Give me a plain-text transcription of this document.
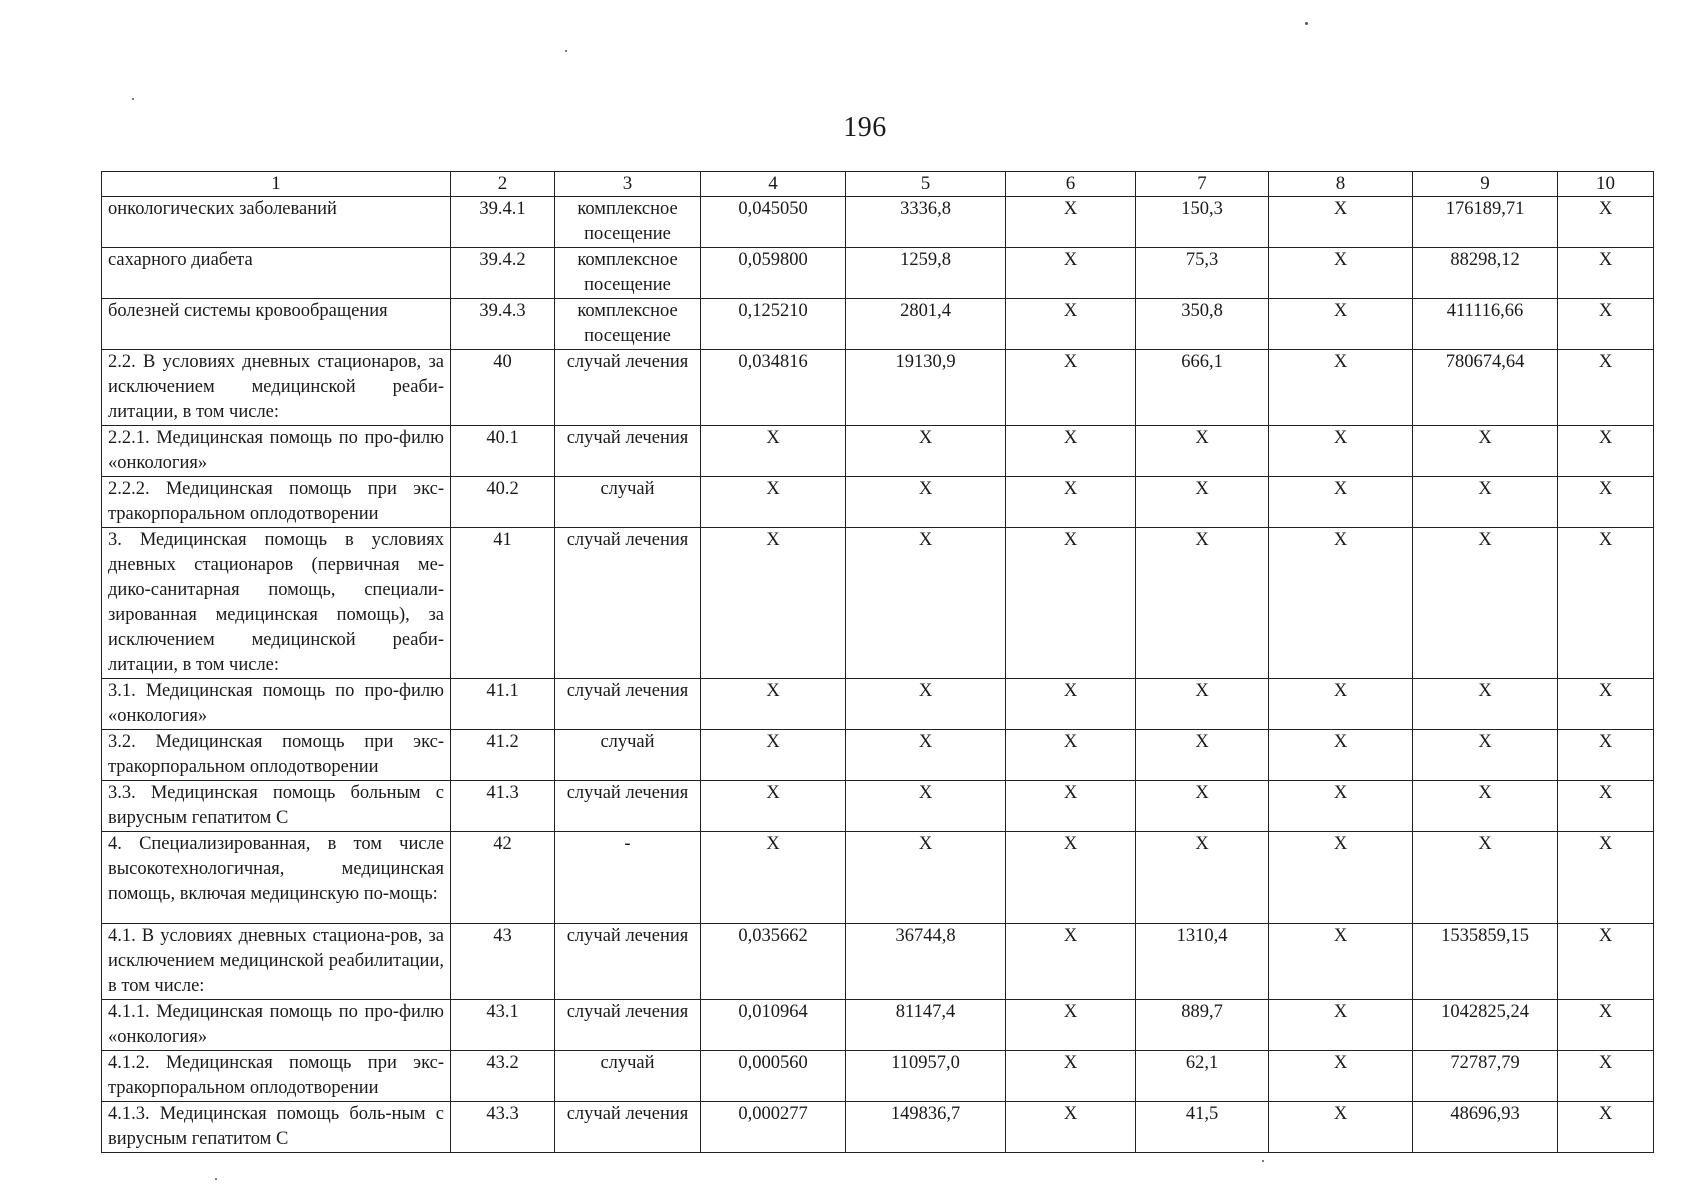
196
1	2	3	4	5	6	7	8	9	10
онкологических заболеваний	39.4.1	комплексное посещение	0,045050	3336,8	X	150,3	X	176189,71	X
сахарного диабета	39.4.2	комплексное посещение	0,059800	1259,8	X	75,3	X	88298,12	X
болезней системы кровообращения	39.4.3	комплексное посещение	0,125210	2801,4	X	350,8	X	411116,66	X
2.2. В условиях дневных стационаров, за исключением медицинской реаби-литации, в том числе:	40	случай лечения	0,034816	19130,9	X	666,1	X	780674,64	X
2.2.1. Медицинская помощь по про-филю «онкология»	40.1	случай лечения	X	X	X	X	X	X	X
2.2.2. Медицинская помощь при экс-тракорпоральном оплодотворении	40.2	случай	X	X	X	X	X	X	X
3. Медицинская помощь в условиях дневных стационаров (первичная ме-дико-санитарная помощь, специали-зированная медицинская помощь), за исключением медицинской реаби-литации, в том числе:	41	случай лечения	X	X	X	X	X	X	X
3.1. Медицинская помощь по про-филю «онкология»	41.1	случай лечения	X	X	X	X	X	X	X
3.2. Медицинская помощь при экс-тракорпоральном оплодотворении	41.2	случай	X	X	X	X	X	X	X
3.3. Медицинская помощь больным с вирусным гепатитом С	41.3	случай лечения	X	X	X	X	X	X	X
4. Специализированная, в том числе высокотехнологичная, медицинская помощь, включая медицинскую по-мощь:	42	-	X	X	X	X	X	X	X
4.1. В условиях дневных стациона-ров, за исключением медицинской реабилитации, в том числе:	43	случай лечения	0,035662	36744,8	X	1310,4	X	1535859,15	X
4.1.1. Медицинская помощь по про-филю «онкология»	43.1	случай лечения	0,010964	81147,4	X	889,7	X	1042825,24	X
4.1.2. Медицинская помощь при экс-тракорпоральном оплодотворении	43.2	случай	0,000560	110957,0	X	62,1	X	72787,79	X
4.1.3. Медицинская помощь боль-ным с вирусным гепатитом С	43.3	случай лечения	0,000277	149836,7	X	41,5	X	48696,93	X
